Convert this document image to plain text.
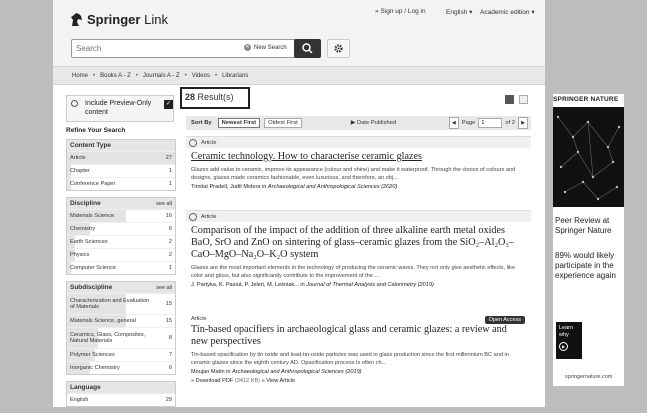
Springer Link
» Sign up / Log in	English ▾ Academic edition ▾
Search
✕ New Search
Home • Books A - Z • Journals A - Z • Videos • Librarians
Include Preview-Only content
✓
Refine Your Search
Content Type
Article	27
Chapter	1
Conference Paper	1
Discipline	see all
Materials Science	16
Chemistry	6
Earth Sciences	2
Physics	2
Computer Science	1
Subdiscipline	see all
Characterization and Evaluation of Materials	15
Materials Science, general	15
Ceramics, Glass, Composites, Natural Materials	8
Polymer Sciences	7
Inorganic Chemistry	6
Language
English	29
28 Result(s)
Sort By	Newest First	Oldest First	▶ Date Published	◀	Page
1	of 2	▶
Article
Ceramic technology. How to characterise ceramic glazes
Glazes add value to ceramic, improve its appearance (colour and shine) and make it waterproof. Through the choice of colours and designs, glazes made ceramics fashionable, even luxurious, and therefore, an obj...
Trinitat Pradell, Judit Molera in Archaeological and Anthropological Sciences (2020)
Article
Comparison of the impact of the addition of three alkaline earth metal oxides BaO, SrO and ZnO on sintering of glass–ceramic glazes from the SiO₂–Al₂O₃–CaO–MgO–Na₂O–K₂O system
Glazes are the most important elements in the technology of producing the ceramic wares. They not only give aesthetic effects, like color and gloss, but also significantly contribute to the improvement of the ...
J. Partyka, K. Pasiut, P. Jeleń, M. Leśniak... in Journal of Thermal Analysis and Calorimetry (2019)
Article	Open Access
Tin-based opacifiers in archaeological glass and ceramic glazes: a review and new perspectives
Tin-based opacification by tin oxide and lead-tin-oxide particles was used in glass production since the first millennium BC and in ceramic glazes since the eighth century AD. Opacification process is often ch...
Moujan Matin in Archaeological and Anthropological Sciences (2019)
» Download PDF (3412 KB) » View Article
SPRINGER NATURE
Peer Review at Springer Nature
89% would likely participate in the experience again
Learn why
▶
springernature.com
